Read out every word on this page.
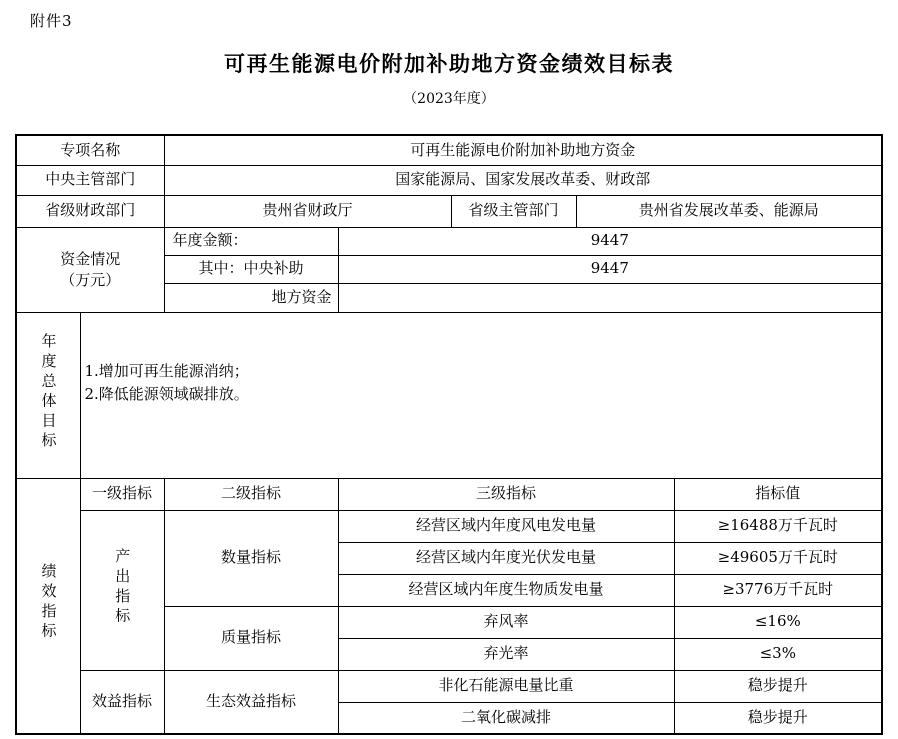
附件3
可再生能源电价附加补助地方资金绩效目标表
（2023年度）
专项名称		可再生能源电价附加补助地方资金				
中央主管部门		国家能源局、国家发展改革委、财政部				
省级财政部门		贵州省财政厅		省级主管部门	贵州省发展改革委、能源局	

资金情况
（万元）		年度金额：	9447			
		其中：中央补助	9447			
		地方资金				
年度总体目标	1.增加可再生能源消纳；
2.降低能源领域碳排放。					

绩效指标	一级指标	二级指标	三级指标			指标值
	产出指标	数量指标	经营区域内年度风电发电量			≥16488万千瓦时
			经营区域内年度光伏发电量			≥49605万千瓦时
			经营区域内年度生物质发电量			≥3776万千瓦时
		质量指标	弃风率			≤16%
			弃光率			≤3%
	效益指标	生态效益指标	非化石能源电量比重			稳步提升
			二氧化碳减排			稳步提升
